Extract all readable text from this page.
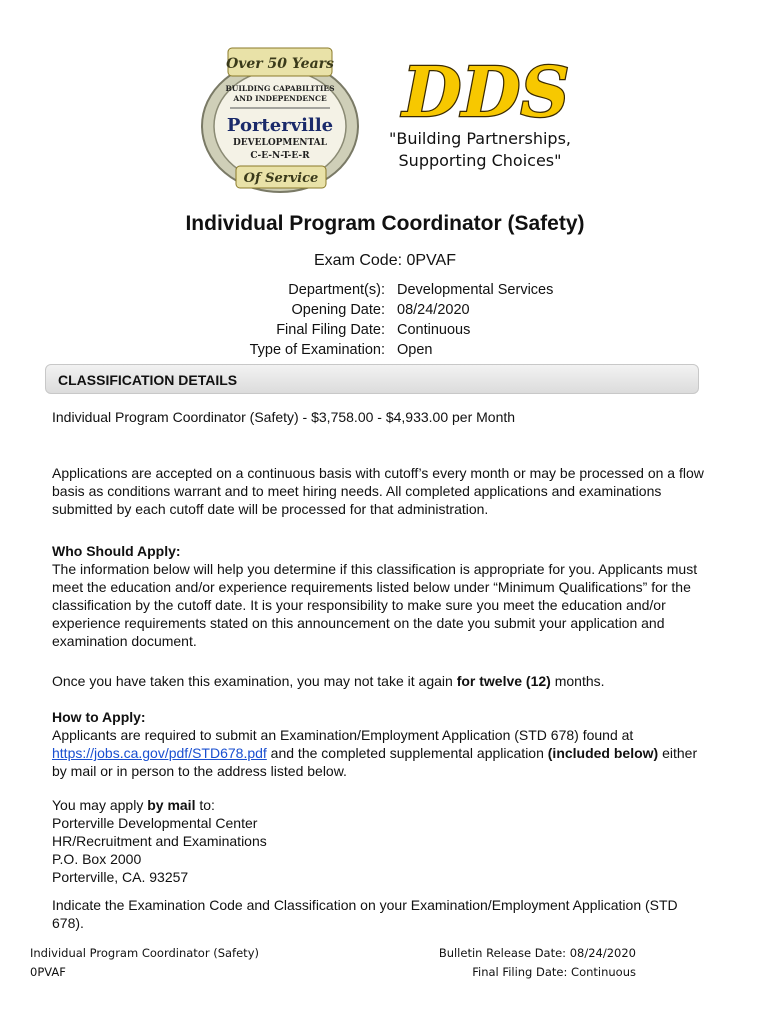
Over 50 Years
BUILDING CAPABILITIES
AND INDEPENDENCE
Porterville
DEVELOPMENTAL
C-E-N-T-E-R
Of Service
DDS
"Building Partnerships,
Supporting Choices"
Individual Program Coordinator (Safety)
Exam Code: 0PVAF
Department(s): Developmental Services
Opening Date: 08/24/2020
Final Filing Date: Continuous
Type of Examination: Open
CLASSIFICATION DETAILS
Individual Program Coordinator (Safety) - $3,758.00 - $4,933.00 per Month
Applications are accepted on a continuous basis with cutoff’s every month or may be processed on a flow basis as conditions warrant and to meet hiring needs. All completed applications and examinations submitted by each cutoff date will be processed for that administration.

Who Should Apply:

The information below will help you determine if this classification is appropriate for you. Applicants must meet the education and/or experience requirements listed below under “Minimum Qualifications” for the classification by the cutoff date. It is your responsibility to make sure you meet the education and/or experience requirements stated on this announcement on the date you submit your application and examination document.

Once you have taken this examination, you may not take it again for twelve (12) months.

How to Apply:

Applicants are required to submit an Examination/Employment Application (STD 678) found at https://jobs.ca.gov/pdf/STD678.pdf and the completed supplemental application (included below) either by mail or in person to the address listed below.

You may apply by mail to:

Porterville Developmental Center

HR/Recruitment and Examinations

P.O. Box 2000

Porterville, CA. 93257

Indicate the Examination Code and Classification on your Examination/Employment Application (STD 678).
Individual Program Coordinator (Safety)
0PVAF
Bulletin Release Date: 08/24/2020
Final Filing Date: Continuous
